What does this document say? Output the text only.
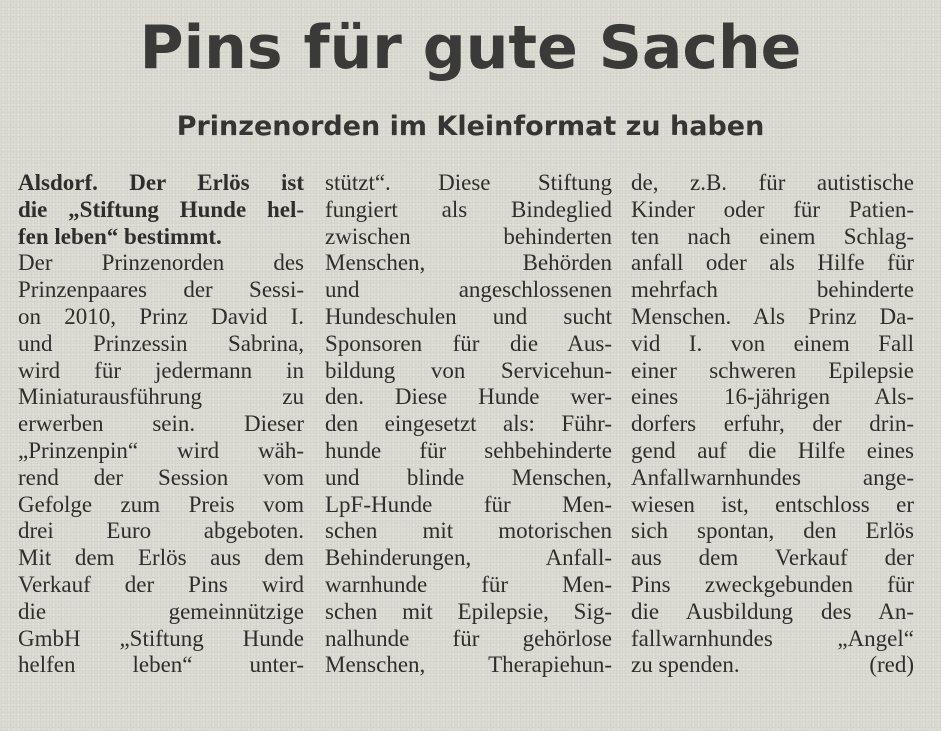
Pins für gute Sache
Prinzenorden im Kleinformat zu haben
Alsdorf. Der Erlös ist
die „Stiftung Hunde hel-
fen leben“ bestimmt.
Der Prinzenorden des
Prinzenpaares der Sessi-
on 2010, Prinz David I.
und Prinzessin Sabrina,
wird für jedermann in
Miniaturausführung zu
erwerben sein. Dieser
„Prinzenpin“ wird wäh-
rend der Session vom
Gefolge zum Preis vom
drei Euro abgeboten.
Mit dem Erlös aus dem
Verkauf der Pins wird
die gemeinnützige
GmbH „Stiftung Hunde
helfen leben“ unter-
stützt“. Diese Stiftung
fungiert als Bindeglied
zwischen behinderten
Menschen, Behörden
und angeschlossenen
Hundeschulen und sucht
Sponsoren für die Aus-
bildung von Servicehun-
den. Diese Hunde wer-
den eingesetzt als: Führ-
hunde für sehbehinderte
und blinde Menschen,
LpF-Hunde für Men-
schen mit motorischen
Behinderungen, Anfall-
warnhunde für Men-
schen mit Epilepsie, Sig-
nalhunde für gehörlose
Menschen, Therapiehun-
de, z.B. für autistische
Kinder oder für Patien-
ten nach einem Schlag-
anfall oder als Hilfe für
mehrfach behinderte
Menschen. Als Prinz Da-
vid I. von einem Fall
einer schweren Epilepsie
eines 16-jährigen Als-
dorfers erfuhr, der drin-
gend auf die Hilfe eines
Anfallwarnhundes ange-
wiesen ist, entschloss er
sich spontan, den Erlös
aus dem Verkauf der
Pins zweckgebunden für
die Ausbildung des An-
fallwarnhundes „Angel“
zu spenden.	(red)
